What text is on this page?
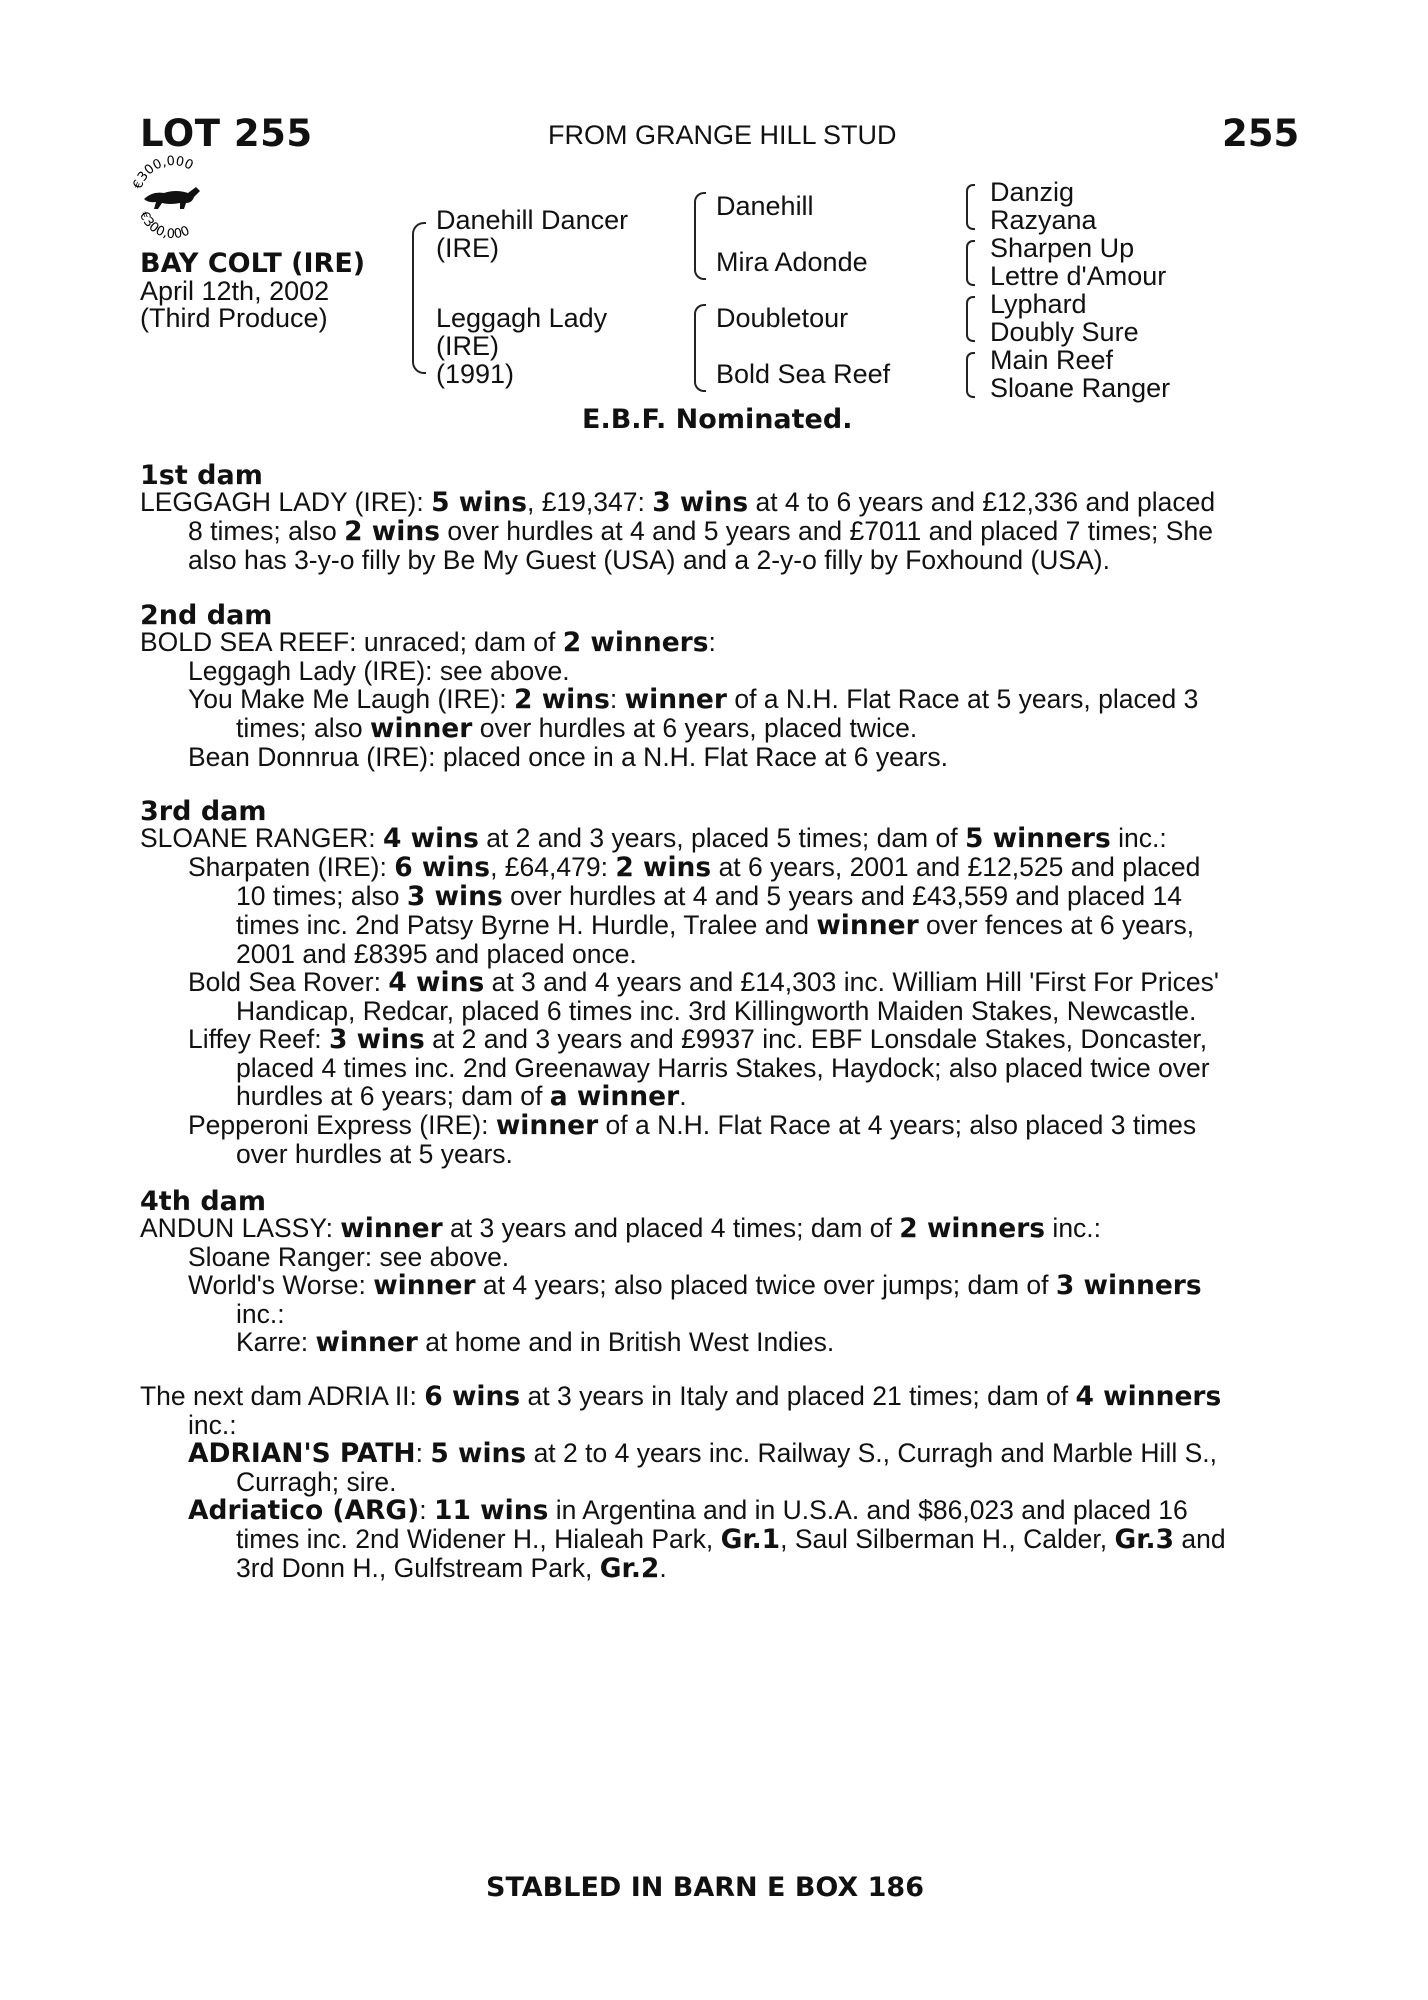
LOT 255	FROM GRANGE HILL STUD	255
€300,000
€300,000
BAY COLT (IRE)
April 12th, 2002
(Third Produce)
Danehill Dancer
(IRE)
Leggagh Lady
(IRE)
(1991)
Danehill
Mira Adonde
Doubletour
Bold Sea Reef
Danzig
Razyana
Sharpen Up
Lettre d'Amour
Lyphard
Doubly Sure
Main Reef
Sloane Ranger
E.B.F. Nominated.
1st dam
LEGGAGH LADY (IRE): 5 wins, £19,347: 3 wins at 4 to 6 years and £12,336 and placed
8 times; also 2 wins over hurdles at 4 and 5 years and £7011 and placed 7 times; She
also has 3-y-o filly by Be My Guest (USA) and a 2-y-o filly by Foxhound (USA).
2nd dam
BOLD SEA REEF: unraced; dam of 2 winners:
Leggagh Lady (IRE): see above.
You Make Me Laugh (IRE): 2 wins: winner of a N.H. Flat Race at 5 years, placed 3
times; also winner over hurdles at 6 years, placed twice.
Bean Donnrua (IRE): placed once in a N.H. Flat Race at 6 years.
3rd dam
SLOANE RANGER: 4 wins at 2 and 3 years, placed 5 times; dam of 5 winners inc.:
Sharpaten (IRE): 6 wins, £64,479: 2 wins at 6 years, 2001 and £12,525 and placed
10 times; also 3 wins over hurdles at 4 and 5 years and £43,559 and placed 14
times inc. 2nd Patsy Byrne H. Hurdle, Tralee and winner over fences at 6 years,
2001 and £8395 and placed once.
Bold Sea Rover: 4 wins at 3 and 4 years and £14,303 inc. William Hill 'First For Prices'
Handicap, Redcar, placed 6 times inc. 3rd Killingworth Maiden Stakes, Newcastle.
Liffey Reef: 3 wins at 2 and 3 years and £9937 inc. EBF Lonsdale Stakes, Doncaster,
placed 4 times inc. 2nd Greenaway Harris Stakes, Haydock; also placed twice over
hurdles at 6 years; dam of a winner.
Pepperoni Express (IRE): winner of a N.H. Flat Race at 4 years; also placed 3 times
over hurdles at 5 years.
4th dam
ANDUN LASSY: winner at 3 years and placed 4 times; dam of 2 winners inc.:
Sloane Ranger: see above.
World's Worse: winner at 4 years; also placed twice over jumps; dam of 3 winners
inc.:
Karre: winner at home and in British West Indies.
The next dam ADRIA II: 6 wins at 3 years in Italy and placed 21 times; dam of 4 winners
inc.:
ADRIAN'S PATH: 5 wins at 2 to 4 years inc. Railway S., Curragh and Marble Hill S.,
Curragh; sire.
Adriatico (ARG): 11 wins in Argentina and in U.S.A. and $86,023 and placed 16
times inc. 2nd Widener H., Hialeah Park, Gr.1, Saul Silberman H., Calder, Gr.3 and
3rd Donn H., Gulfstream Park, Gr.2.
STABLED IN BARN E BOX 186
